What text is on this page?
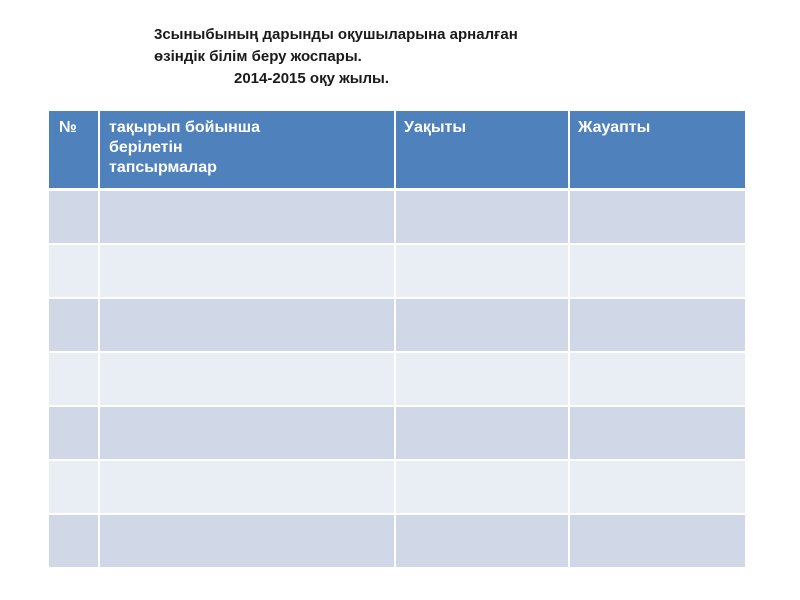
3сыныбының дарынды оқушыларына арналған
өзіндік білім беру жоспары.
2014-2015 оқу жылы.
№	тақырып бойынша
берілетін
тапсырмалар	Уақыты	Жауапты
